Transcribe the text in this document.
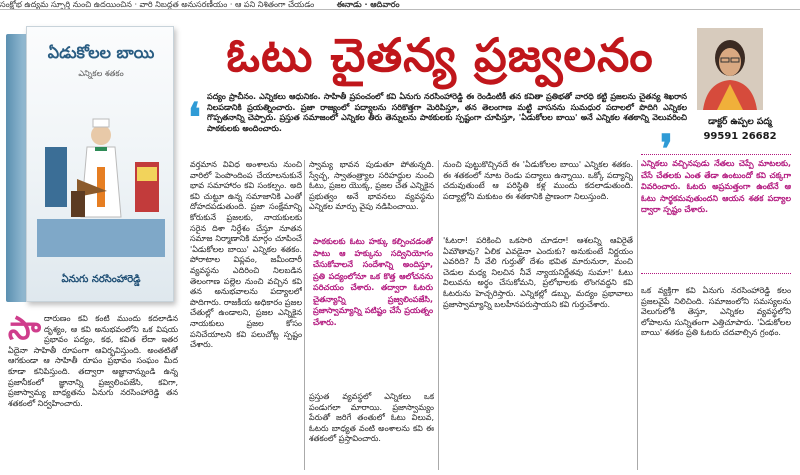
సంక్షోభ ఉద్యమ స్ఫూర్తి నుంచి ఉదయించిన · వారి నిబద్ధత అనుసరణీయం · ఆ పని నిశితంగా చేయడం	ఈనాడు · ఆదివారం
ఏడుకోలల బాయి
ఎన్నికల శతకం
ఏనుగు నరసింహారెడ్డి
ఓటు చైతన్య ప్రజ్వలనం
డాక్టర్ ఉప్పల పద్మ
99591 26682
❛
❜
పద్యం ప్రాచీనం. ఎన్నికలు ఆధునికం. సాహితీ ప్రపంచంలో కవి ఏనుగు నరసింహారెడ్డి ఈ రెండింటికీ తన కవితా ప్రతిభతో వారధి కట్టి ప్రజలను చైతన్య శిఖరాన నిలపడానికి ప్రయత్నించారు. ప్రజా రాజ్యంలో పద్యాలను సరికొత్తగా మెరిపిస్తూ, తన తెలంగాణ మట్టి వాసనను సుమధుర పదాలలో పొదిగి ఎన్నికల గొప్పతనాన్ని చెప్పారు. ప్రస్తుత సమాజంలో ఎన్నికల తీరు తెన్నులను పాఠకులకు స్పష్టంగా చూపిస్తూ, 'ఏడుకోలల బాయి' అనే ఎన్నికల శతకాన్ని వెలువరించి పాఠకులకు అందించారు.
సా దారుణం కవి కంటి ముందు కదలాడిన దృశ్యం, ఆ కవి అనుభవంలోని ఒక విషయ ప్రభావం పద్యం, కథ, కవిత లేదా ఇతర ఏదైనా సాహితీ రూపంగా ఆవిర్భవిస్తుంది. అంతటితో ఆగకుండా ఆ సాహితీ రూపం ప్రభావం సంఘం మీద కూడా కనిపిస్తుంది. తద్వారా అజ్ఞానాన్నుండి ఉన్న ప్రజానీకంలో జ్ఞానాన్ని ప్రజ్వలింపజేసి, కవిగా, ప్రజాస్వామ్య బాధ్యతను ఏనుగు నరసింహారెడ్డి తన శతకంలో నిర్వహించారు.
వర్తమాన వివిధ అంశాలను నుంచి వారిలో పెంపొందింప చేయాలనుకునే భావ సమాహారం కవి సంకల్పం. అది కవి చుట్టూ ఉన్న సమాజానికి ఎంతో దోహదపడుతుంది. ప్రజా సంక్షేమాన్ని కోరుకునే ప్రజలకు, నాయకులకు సరైన దిశా నిర్దేశం చేస్తూ నూతన సమాజ నిర్మాణానికి మార్గం చూపించే 'ఏడుకోలల బాయి' ఎన్నికల శతకం. పోరాటాల విప్లవం, జమీందారీ వ్యవస్థను ఎదిరించి నిలబడిన తెలంగాణ పల్లెల నుంచి వచ్చిన కవి తన అనుభవాలను పద్యాలలో పొదిగారు. రాజకీయ అధికారం ప్రజల చేతుల్లో ఉండాలని, ప్రజల ఎన్నికైన నాయకులు ప్రజల కోసం పనిచేయాలని కవి పలుచోట్ల స్పష్టం చేశారు.
స్వామ్య భావన పుడుతూ పోతున్నది. స్వేచ్ఛ, స్వాతంత్ర్యాల సరిహద్దుల నుంచి ఓటు, ప్రజల యొక్క, ప్రజల చేత ఎన్నికైన ప్రభుత్వం అనే భావనలు వ్యవస్థను ఎన్నికల మార్పు వైపు నడిపించాయి.
పాఠకులకు ఓటు హక్కు కల్పించడంతో పాటు ఆ హక్కును సద్వినియోగం చేసుకోవాలనే సందేశాన్ని అందిస్తూ, ప్రతి పద్యంలోనూ ఒక కొత్త ఆలోచనను పరిచయం చేశారు. తద్వారా ఓటరు చైతన్యాన్ని ప్రజ్వలింపజేసి, ప్రజాస్వామ్యాన్ని పటిష్టం చేసే ప్రయత్నం చేశారు.
ప్రస్తుత వ్యవస్థలో ఎన్నికలు ఒక పండుగలా మారాయి. ప్రజాస్వామ్యం పేరుతో జరిగే తంతులో ఓటు విలువ, ఓటరు బాధ్యత వంటి అంశాలను కవి ఈ శతకంలో ప్రస్తావించారు.
నుంచి పుట్టుకొచ్చినదే ఈ 'ఏడుకోలల బాయి' ఎన్నికల శతకం. ఈ శతకంలో నూట రెండు పద్యాలు ఉన్నాయి. ఒక్కో పద్యాన్ని చదువుతుంటే ఆ పరిస్థితి కళ్ల ముందు కదలాడుతుంది. పద్యాల్లోని మకుటం ఈ శతకానికి ప్రాణంగా నిలుస్తుంది.
'ఓటరా! పరికించి ఒకసారి చూడరా! ఆశలన్ని ఆవిరైతే ఏమౌతావు? ఏలిక ఎవడైనా ఎందుకు? అనుకుంటే నిర్ణయం ఎవరిది? నీ వేలి గుర్తుతో దేశం భవిత మారునురా, మంచి చెడుల మధ్య నిలచిన నీవే న్యాయనిర్ణేతవు సుమా!' ఓటు విలువను అర్థం చేసుకోమని, ప్రలోభాలకు లొంగవద్దని కవి ఓటరును హెచ్చరిస్తారు. ఎన్నికల్లో డబ్బు, మద్యం ప్రభావాలు ప్రజాస్వామ్యాన్ని బలహీనపరుస్తాయని కవి గుర్తుచేశారు.
ఎన్నికలు వచ్చినపుడు నేతలు చెప్పే మాటలకు, చేసే చేతలకు ఎంత తేడా ఉంటుందో కవి చక్కగా వివరించారు. ఓటరు అప్రమత్తంగా ఉంటేనే ఆ ఓటు సార్థకమవుతుందని ఆయన శతక పద్యాల ద్వారా స్పష్టం చేశారు.
ఒక వ్యక్తిగా కవి ఏనుగు నరసింహారెడ్డి కలం ప్రజలవైపే నిలిచింది. సమాజంలోని సమస్యలను వెలుగులోకి తెస్తూ, ఎన్నికల వ్యవస్థలోని లోపాలను సున్నితంగా ఎత్తిచూపారు. 'ఏడుకోలల బాయి' శతకం ప్రతి ఓటరు చదవాల్సిన గ్రంథం.
